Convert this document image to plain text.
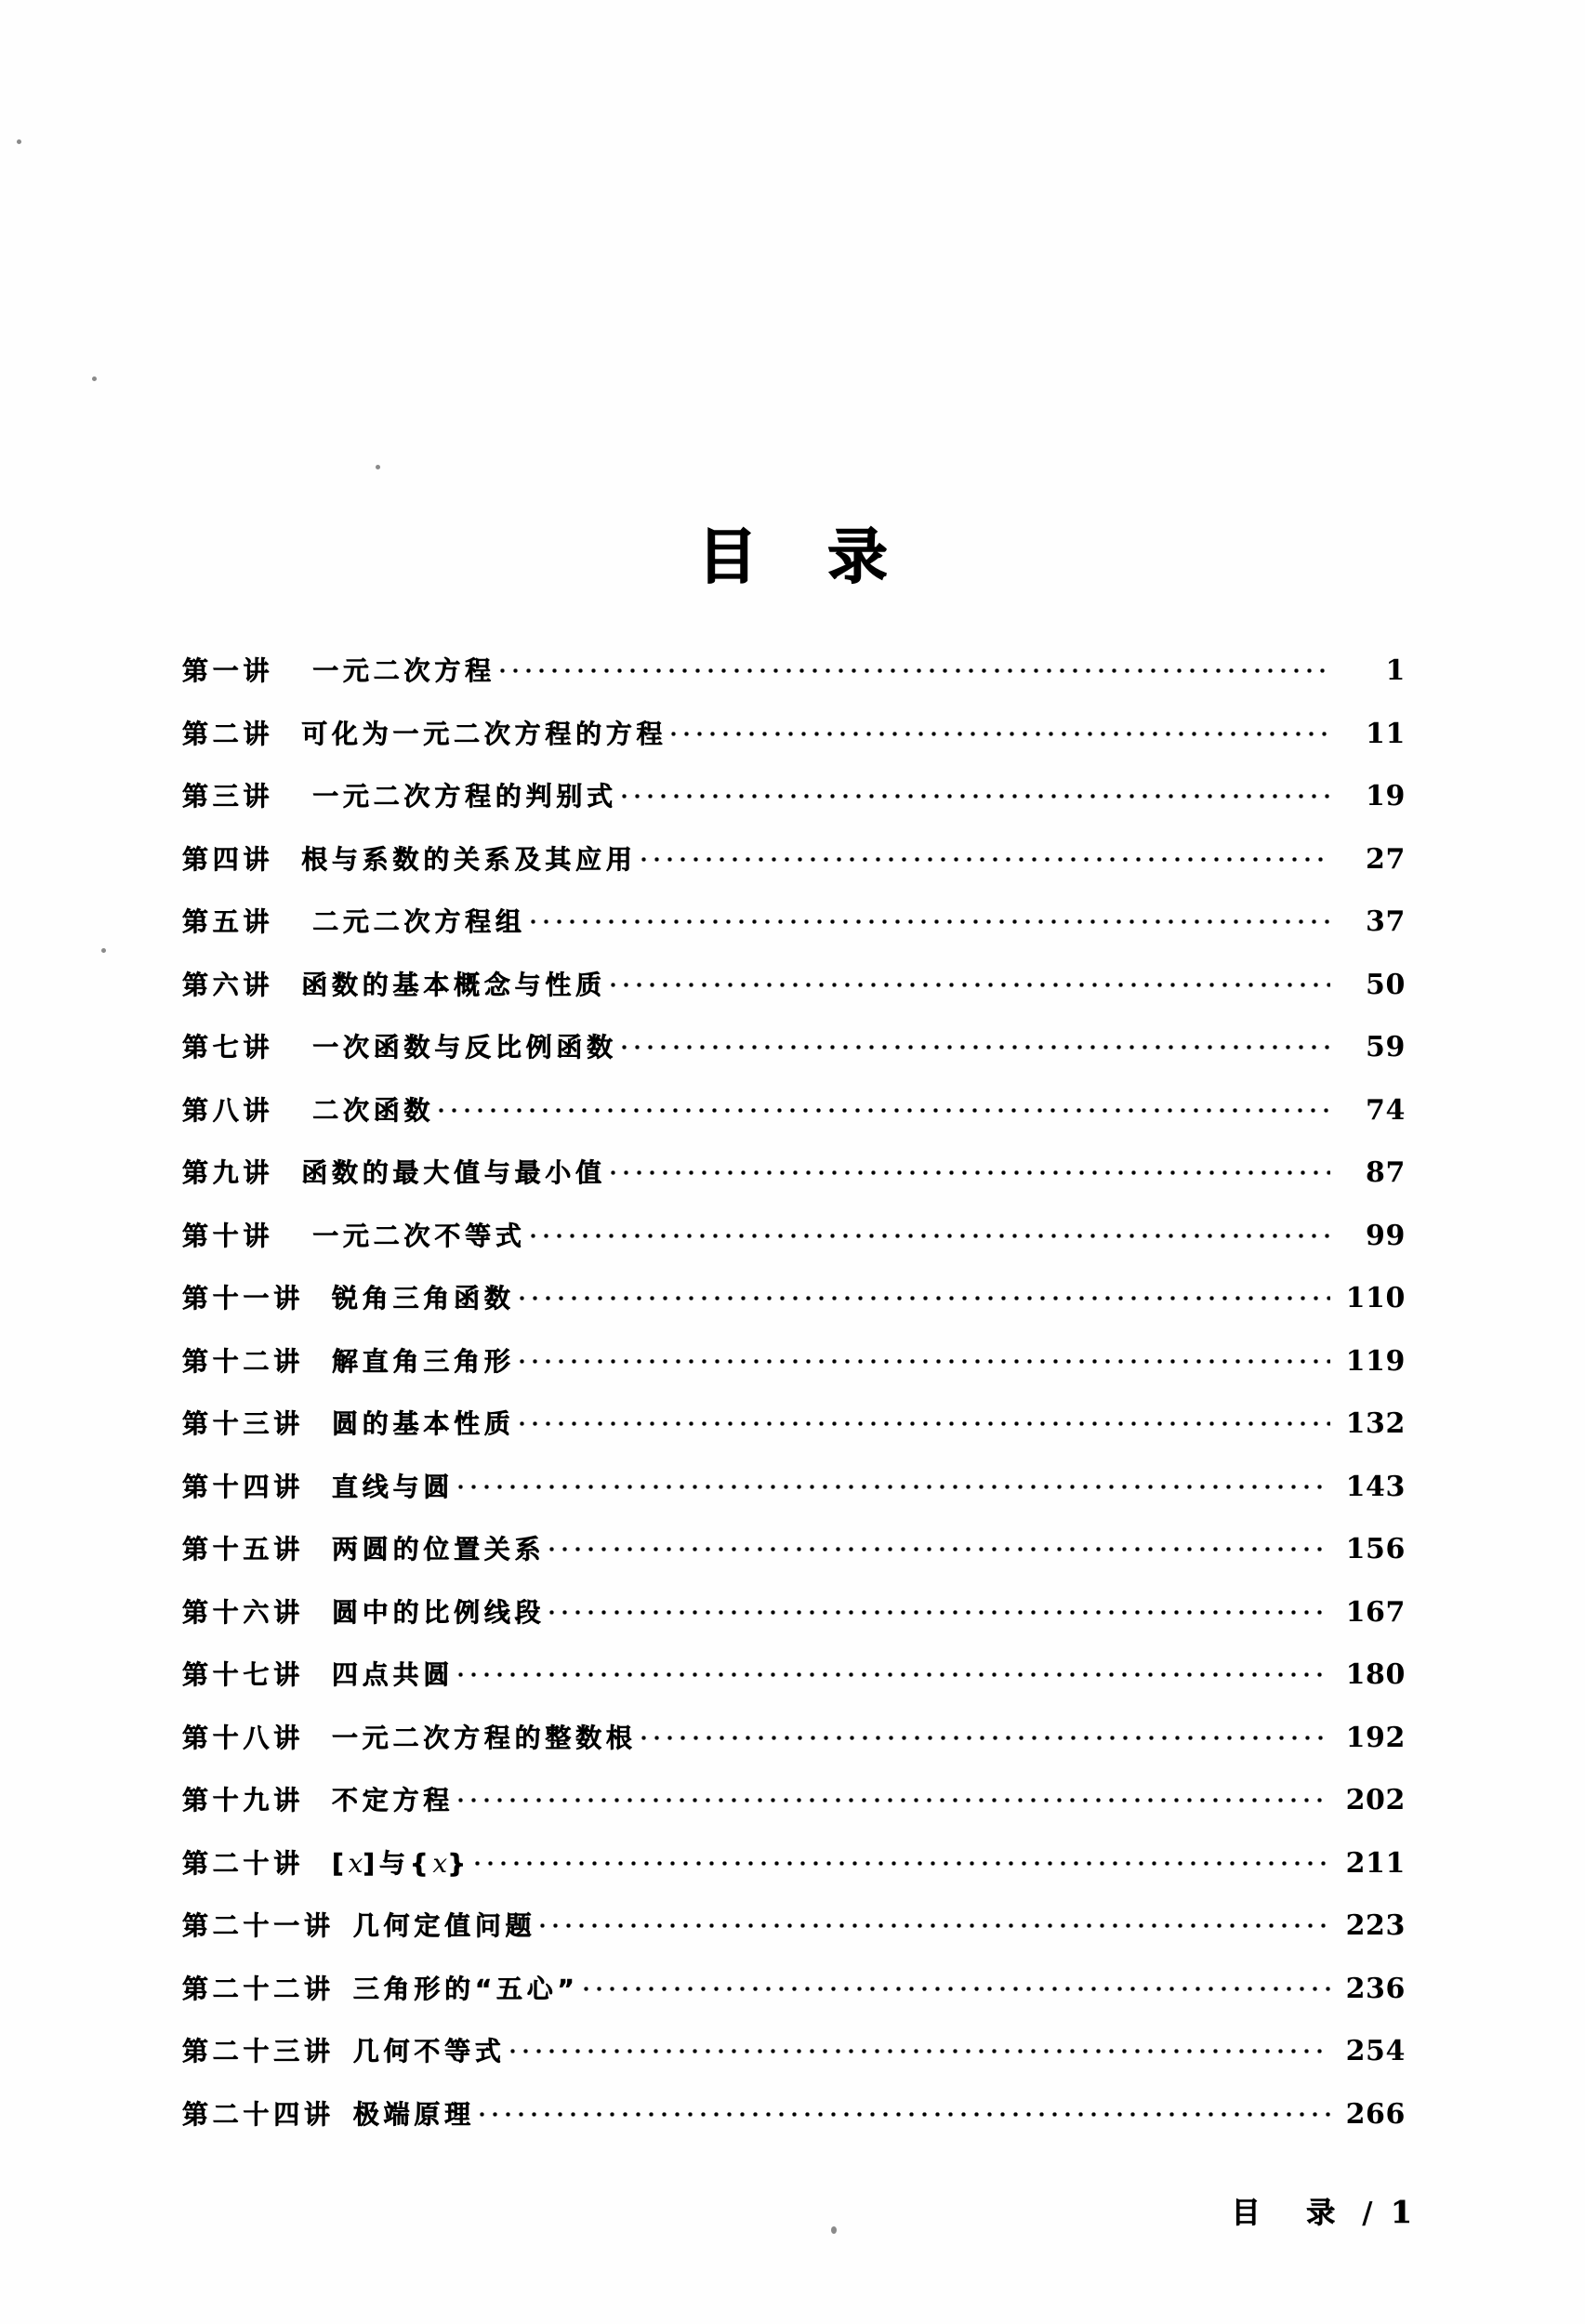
目 录
第一讲 一元二次方程	1
第二讲 可化为一元二次方程的方程	11
第三讲 一元二次方程的判别式	19
第四讲 根与系数的关系及其应用	27
第五讲 二元二次方程组	37
第六讲 函数的基本概念与性质	50
第七讲 一次函数与反比例函数	59
第八讲 二次函数	74
第九讲 函数的最大值与最小值	87
第十讲 一元二次不等式	99
第十一讲 锐角三角函数	110
第十二讲 解直角三角形	119
第十三讲 圆的基本性质	132
第十四讲 直线与圆	143
第十五讲 两圆的位置关系	156
第十六讲 圆中的比例线段	167
第十七讲 四点共圆	180
第十八讲 一元二次方程的整数根	192
第十九讲 不定方程	202
第二十讲 [x]与{x}	211
第二十一讲 几何定值问题	223
第二十二讲 三角形的“五心”	236
第二十三讲 几何不等式	254
第二十四讲 极端原理	266
目　录 / 1
